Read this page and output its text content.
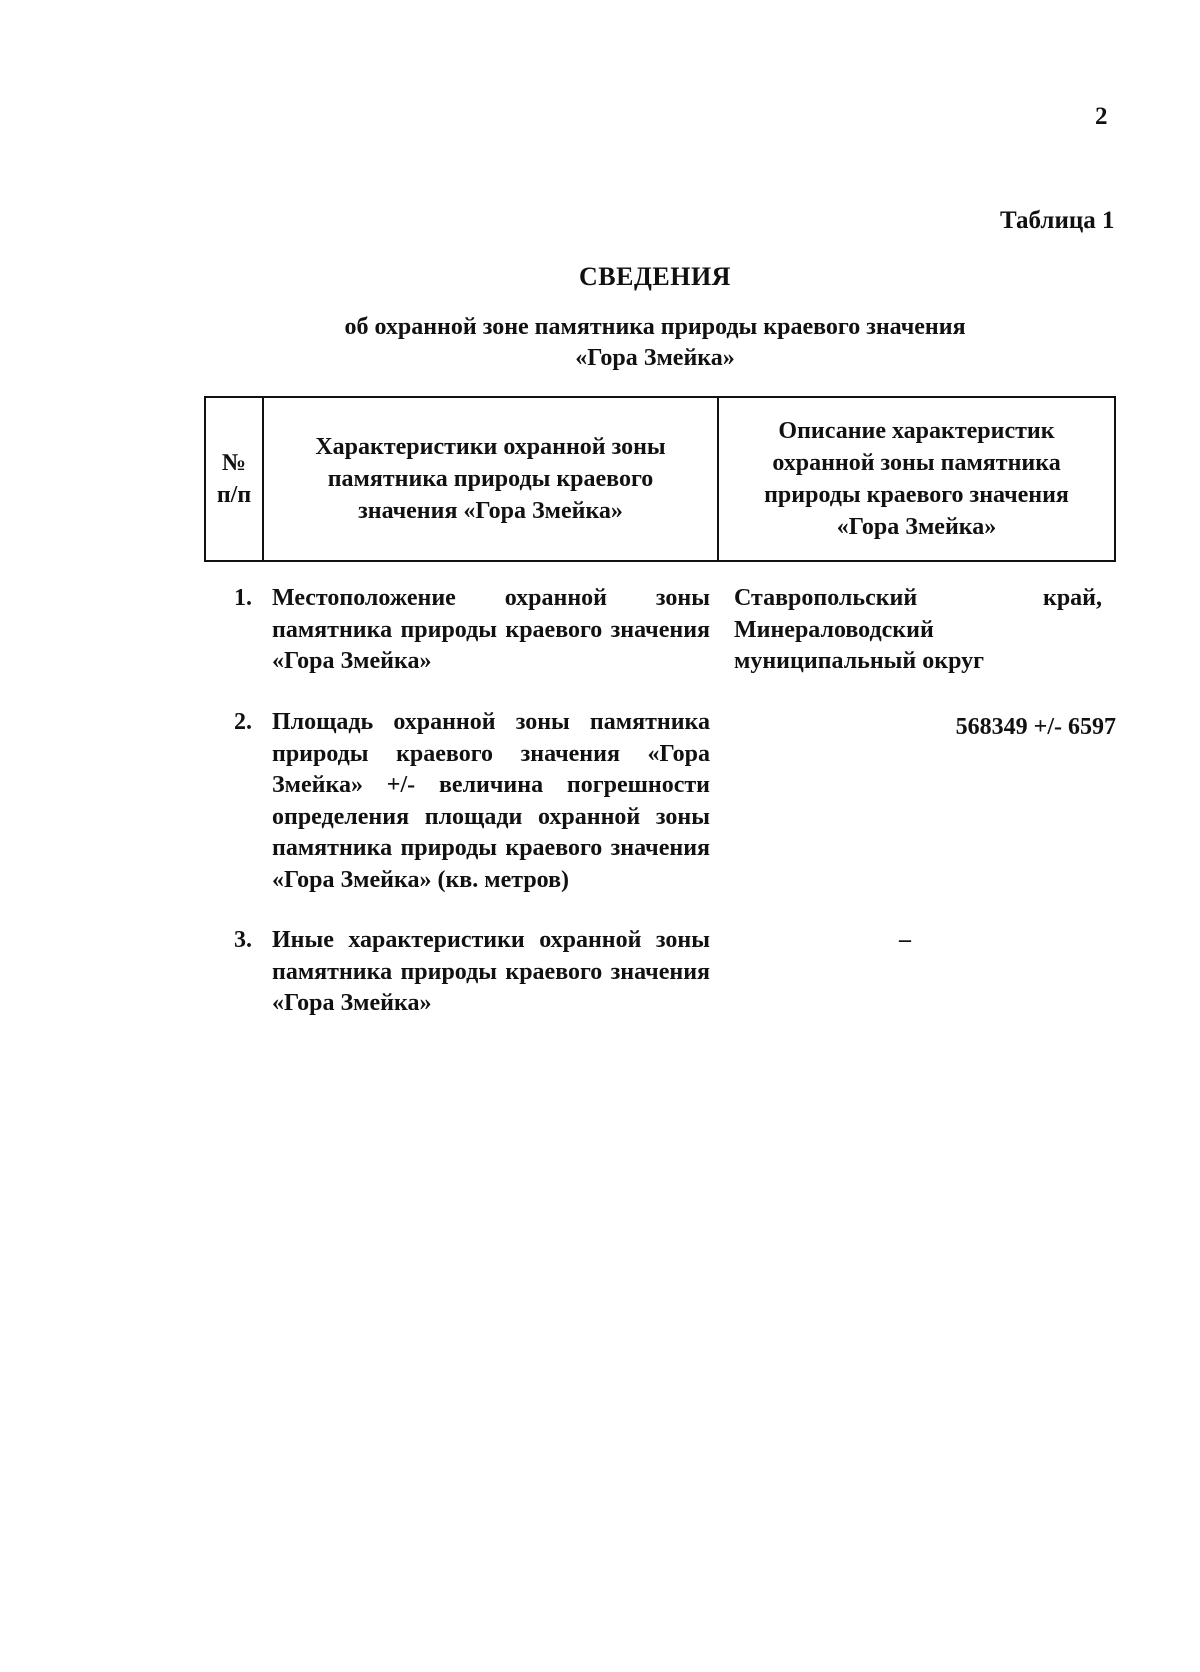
2
Таблица 1
СВЕДЕНИЯ
об охранной зоне памятника природы краевого значения
«Гора Змейка»
№
п/п
Характеристики охранной зоны памятника природы краевого значения «Гора Змейка»
Описание характеристик охранной зоны памятника природы краевого значения «Гора Змейка»
1. Местоположение охранной зоны памятника природы краевого значения «Гора Змейка»
Ставропольский	край,
Минераловодский муниципальный округ
2. Площадь охранной зоны памятника природы краевого значения «Гора Змейка» +/- величина погрешности определения площади охранной зоны памятника природы краевого значения «Гора Змейка» (кв. метров)
568349 +/- 6597
3. Иные характеристики охранной зоны памятника природы краевого значения «Гора Змейка»
–
